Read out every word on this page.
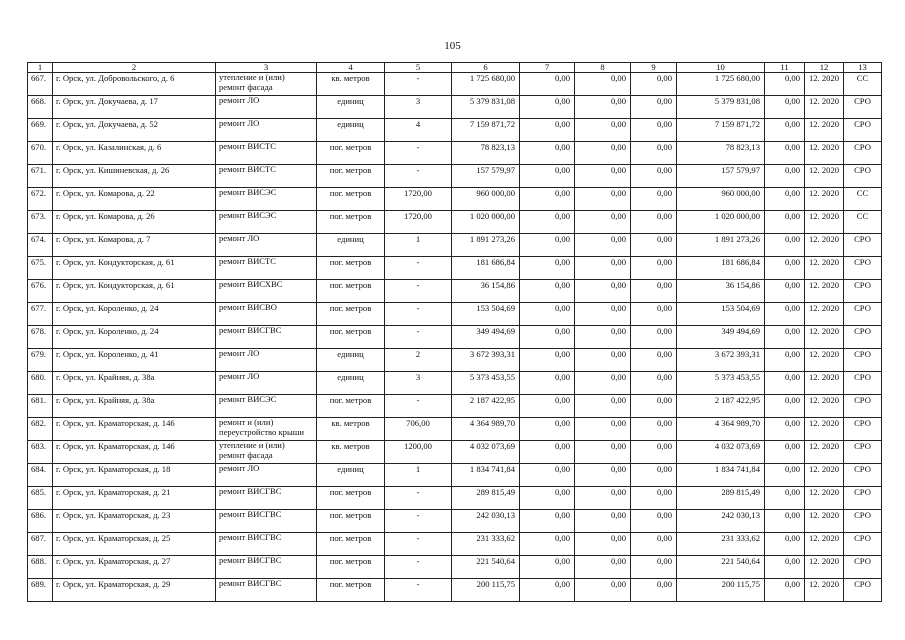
105
1	2	3	4	5	6	7	8	9	10	11	12	13
667.	г. Орск, ул. Добровольского, д. 6	утепление и (или) ремонт фасада	кв. метров	-	1 725 680,00	0,00	0,00	0,00	1 725 680,00	0,00	12. 2020	СС
668.	г. Орск, ул. Докучаева, д. 17	ремонт ЛО	единиц	3	5 379 831,08	0,00	0,00	0,00	5 379 831,08	0,00	12. 2020	СРО
669.	г. Орск, ул. Докучаева, д. 52	ремонт ЛО	единиц	4	7 159 871,72	0,00	0,00	0,00	7 159 871,72	0,00	12. 2020	СРО
670.	г. Орск, ул. Казалинская, д. 6	ремонт ВИСТС	пог. метров	-	78 823,13	0,00	0,00	0,00	78 823,13	0,00	12. 2020	СРО
671.	г. Орск, ул. Кишиневская, д. 26	ремонт ВИСТС	пог. метров	-	157 579,97	0,00	0,00	0,00	157 579,97	0,00	12. 2020	СРО
672.	г. Орск, ул. Комарова, д. 22	ремонт ВИСЭС	пог. метров	1720,00	960 000,00	0,00	0,00	0,00	960 000,00	0,00	12. 2020	СС
673.	г. Орск, ул. Комарова, д. 26	ремонт ВИСЭС	пог. метров	1720,00	1 020 000,00	0,00	0,00	0,00	1 020 000,00	0,00	12. 2020	СС
674.	г. Орск, ул. Комарова, д. 7	ремонт ЛО	единиц	1	1 891 273,26	0,00	0,00	0,00	1 891 273,26	0,00	12. 2020	СРО
675.	г. Орск, ул. Кондукторская, д. 61	ремонт ВИСТС	пог. метров	-	181 686,84	0,00	0,00	0,00	181 686,84	0,00	12. 2020	СРО
676.	г. Орск, ул. Кондукторская, д. 61	ремонт ВИСХВС	пог. метров	-	36 154,86	0,00	0,00	0,00	36 154,86	0,00	12. 2020	СРО
677.	г. Орск, ул. Короленко, д. 24	ремонт ВИСВО	пог. метров	-	153 504,69	0,00	0,00	0,00	153 504,69	0,00	12. 2020	СРО
678.	г. Орск, ул. Короленко, д. 24	ремонт ВИСГВС	пог. метров	-	349 494,69	0,00	0,00	0,00	349 494,69	0,00	12. 2020	СРО
679.	г. Орск, ул. Короленко, д. 41	ремонт ЛО	единиц	2	3 672 393,31	0,00	0,00	0,00	3 672 393,31	0,00	12. 2020	СРО
680.	г. Орск, ул. Крайняя, д. 38а	ремонт ЛО	единиц	3	5 373 453,55	0,00	0,00	0,00	5 373 453,55	0,00	12. 2020	СРО
681.	г. Орск, ул. Крайняя, д. 38а	ремонт ВИСЭС	пог. метров	-	2 187 422,95	0,00	0,00	0,00	2 187 422,95	0,00	12. 2020	СРО
682.	г. Орск, ул. Краматорская, д. 146	ремонт и (или) переустройство крыши	кв. метров	706,00	4 364 989,70	0,00	0,00	0,00	4 364 989,70	0,00	12. 2020	СРО
683.	г. Орск, ул. Краматорская, д. 146	утепление и (или) ремонт фасада	кв. метров	1200,00	4 032 073,69	0,00	0,00	0,00	4 032 073,69	0,00	12. 2020	СРО
684.	г. Орск, ул. Краматорская, д. 18	ремонт ЛО	единиц	1	1 834 741,84	0,00	0,00	0,00	1 834 741,84	0,00	12. 2020	СРО
685.	г. Орск, ул. Краматорская, д. 21	ремонт ВИСГВС	пог. метров	-	289 815,49	0,00	0,00	0,00	289 815,49	0,00	12. 2020	СРО
686.	г. Орск, ул. Краматорская, д. 23	ремонт ВИСГВС	пог. метров	-	242 030,13	0,00	0,00	0,00	242 030,13	0,00	12. 2020	СРО
687.	г. Орск, ул. Краматорская, д. 25	ремонт ВИСГВС	пог. метров	-	231 333,62	0,00	0,00	0,00	231 333,62	0,00	12. 2020	СРО
688.	г. Орск, ул. Краматорская, д. 27	ремонт ВИСГВС	пог. метров	-	221 540,64	0,00	0,00	0,00	221 540,64	0,00	12. 2020	СРО
689.	г. Орск, ул. Краматорская, д. 29	ремонт ВИСГВС	пог. метров	-	200 115,75	0,00	0,00	0,00	200 115,75	0,00	12. 2020	СРО
